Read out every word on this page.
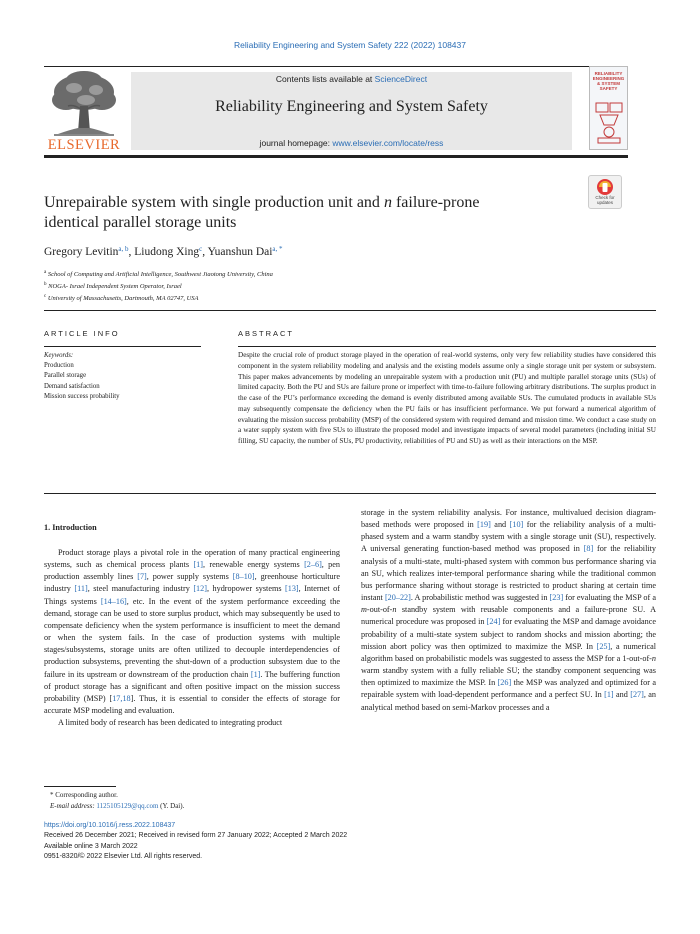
Reliability Engineering and System Safety 222 (2022) 108437
ELSEVIER
Contents lists available at ScienceDirect
Reliability Engineering and System Safety
journal homepage: www.elsevier.com/locate/ress
RELIABILITY
ENGINEERING
& SYSTEM
SAFETY
Unrepairable system with single production unit and n failure-prone
identical parallel storage units
Check for
updates
Gregory Levitin$^{a, b}$, Liudong Xing$^c$, Yuanshun Dai$^{a, *}$
$^a$ School of Computing and Artificial Intelligence, Southwest Jiaotong University, China
$^b$ NOGA- Israel Independent System Operator, Israel
$^c$ University of Massachusetts, Dartmouth, MA 02747, USA
ARTICLE INFO
Keywords:
Production
Parallel storage
Demand satisfaction
Mission success probability
ABSTRACT
Despite the crucial role of product storage played in the operation of real-world systems, only very few reliability studies have considered this component in the system reliability modeling and analysis and the existing models assume only a single storage unit per system or subsystem. This paper makes advancements by modeling an unrepairable system with a production unit (PU) and multiple parallel storage units (SUs) of limited capacity. Both the PU and SUs are failure prone or imperfect with time-to-failure following arbitrary distributions. The surplus product in the case of the PU’s performance exceeding the demand is evenly distributed among available SUs. The cumulated products in available SUs may subsequently compensate the deficiency when the PU fails or has insufficient performance. We put forward a numerical algorithm of evaluating the mission success probability (MSP) of the considered system with required demand and mission time. We conduct a case study on a water supply system with five SUs to illustrate the proposed model and investigate impacts of several model parameters (including initial SU filling, SU capacity, the number of SUs, PU productivity, reliabilities of PU and SU) as well as their interactions on the MSP.
1. Introduction

Product storage plays a pivotal role in the operation of many practical engineering systems, such as chemical process plants [1], renewable energy systems [2–6], pen production assembly lines [7], power supply systems [8–10], greenhouse horticulture industry [11], steel manufacturing industry [12], hydropower systems [13], Internet of Things systems [14–16], etc. In the event of the system performance exceeding the demand, storage can be used to store surplus product, which may subsequently be used to compensate deficiency when the system performance is insufficient to meet the demand or when the system fails. In the case of production systems with multiple stages/subsystems, storage units are often utilized to decouple interdependencies of production subsystems, preventing the shut-down of a production subsystem due to the failure in its upstream or downstream of the production chain [1]. The buffering function of product storage has a significant and often positive impact on the mission success probability (MSP) [17,18]. Thus, it is essential to consider the effects of storage for accurate MSP modeling and evaluation.

A limited body of research has been dedicated to integrating product

storage in the system reliability analysis. For instance, multivalued decision diagram-based methods were proposed in [19] and [10] for the reliability analysis of a multi-phased system and a warm standby system with a single storage unit (SU), respectively. A universal generating function-based method was proposed in [8] for the reliability analysis of a multi-state, multi-phased system with common bus performance sharing via an SU, which realizes inter-temporal performance sharing while the traditional common bus performance sharing without storage is restricted to product sharing at certain time instant [20–22]. A probabilistic method was suggested in [23] for evaluating the MSP of a m-out-of-n standby system with reusable components and a failure-prone SU. A numerical procedure was proposed in [24] for evaluating the MSP and damage avoidance probability of a multi-state system subject to random shocks and mission aborting; the mission abort policy was then optimized to maximize the MSP. In [25], a numerical algorithm based on probabilistic models was suggested to assess the MSP for a 1-out-of-n warm standby system with a fully reliable SU; the standby component sequencing was then optimized to maximize the MSP. In [26] the MSP was analyzed and optimized for a repairable system with load-dependent performance and a perfect SU. In [1] and [27], an analytical method based on semi-Markov processes and a
* Corresponding author.
E-mail address: 1125105129@qq.com (Y. Dai).
https://doi.org/10.1016/j.ress.2022.108437
Received 26 December 2021; Received in revised form 27 January 2022; Accepted 2 March 2022
Available online 3 March 2022
0951-8320/© 2022 Elsevier Ltd. All rights reserved.
